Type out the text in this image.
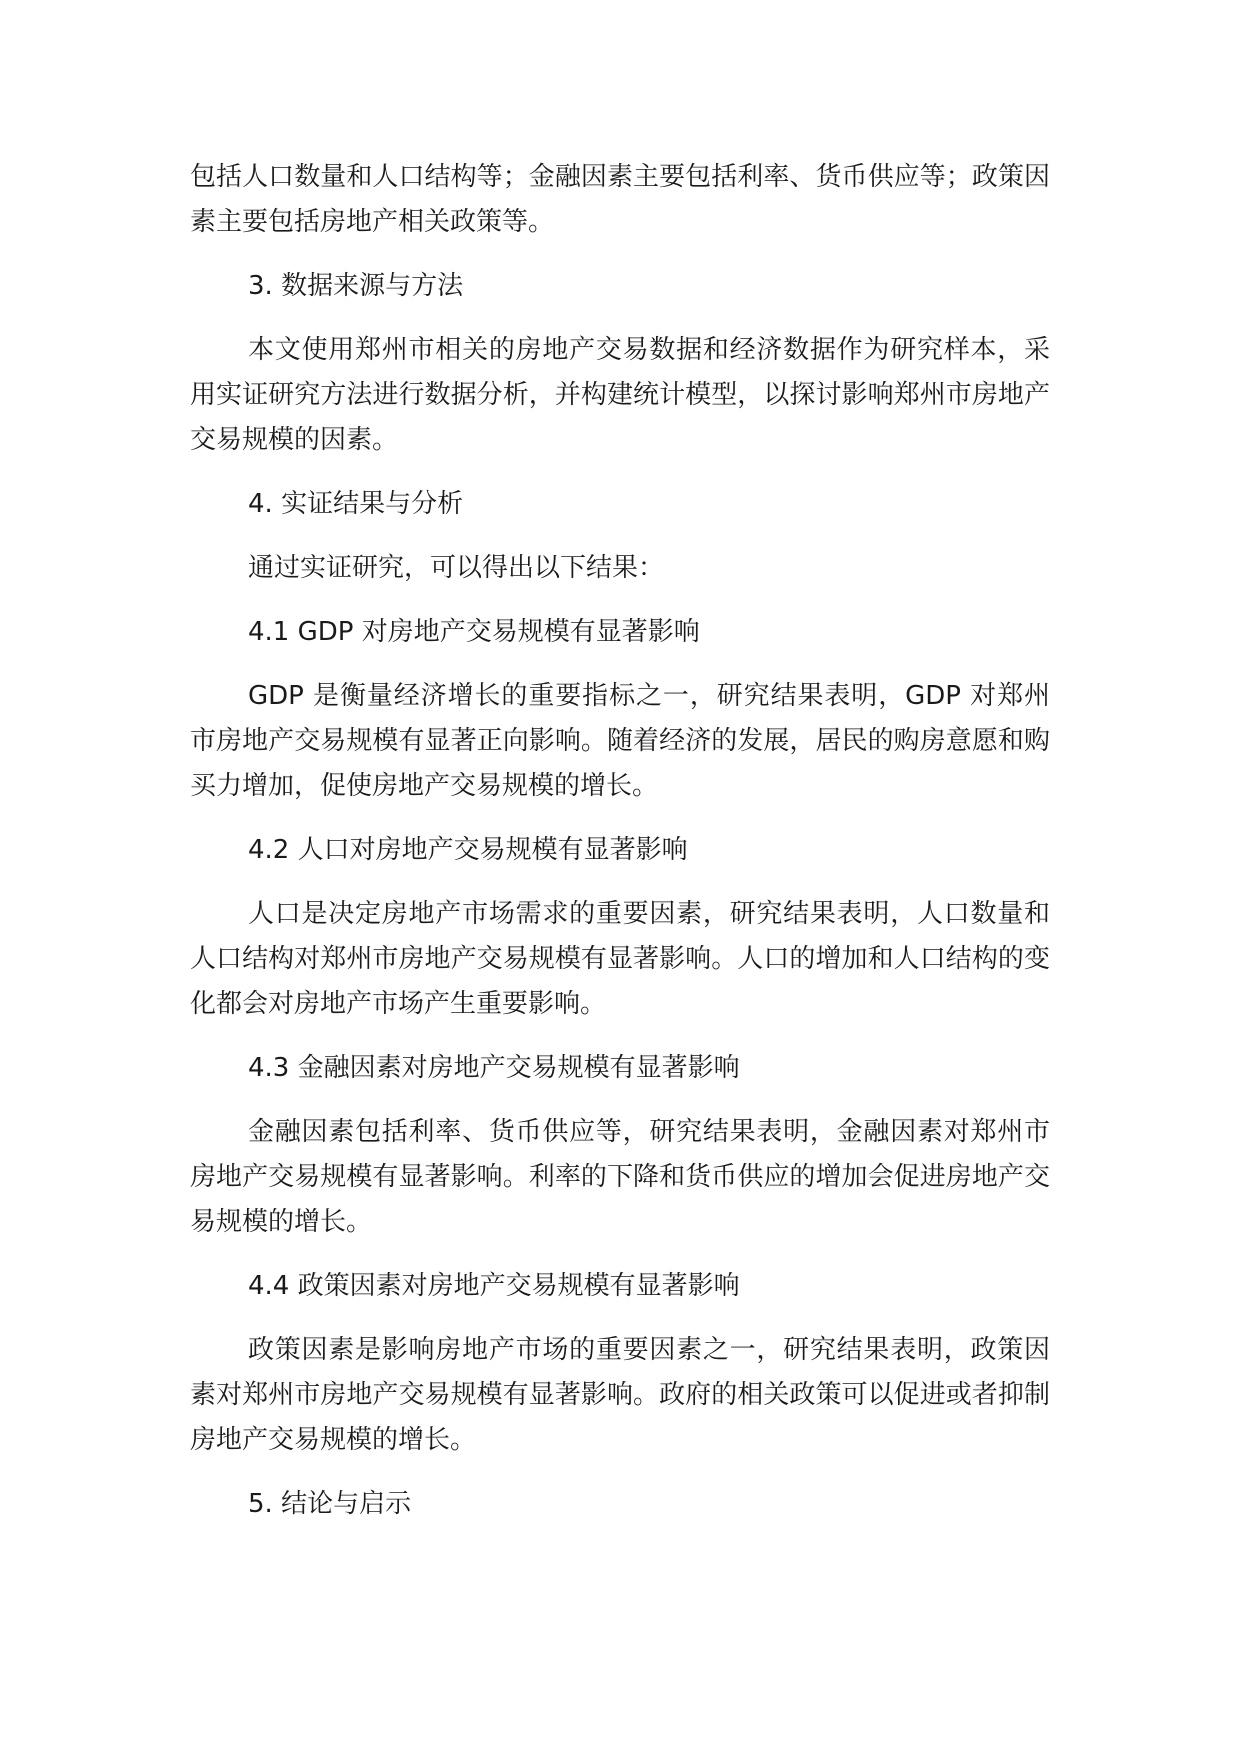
包括人口数量和人口结构等；金融因素主要包括利率、货币供应等；政策因素主要包括房地产相关政策等。

3. 数据来源与方法

本文使用郑州市相关的房地产交易数据和经济数据作为研究样本，采用实证研究方法进行数据分析，并构建统计模型，以探讨影响郑州市房地产交易规模的因素。

4. 实证结果与分析

通过实证研究，可以得出以下结果：

4.1 GDP 对房地产交易规模有显著影响

GDP 是衡量经济增长的重要指标之一，研究结果表明，GDP 对郑州市房地产交易规模有显著正向影响。随着经济的发展，居民的购房意愿和购买力增加，促使房地产交易规模的增长。

4.2 人口对房地产交易规模有显著影响

人口是决定房地产市场需求的重要因素，研究结果表明，人口数量和人口结构对郑州市房地产交易规模有显著影响。人口的增加和人口结构的变化都会对房地产市场产生重要影响。

4.3 金融因素对房地产交易规模有显著影响

金融因素包括利率、货币供应等，研究结果表明，金融因素对郑州市房地产交易规模有显著影响。利率的下降和货币供应的增加会促进房地产交易规模的增长。

4.4 政策因素对房地产交易规模有显著影响

政策因素是影响房地产市场的重要因素之一，研究结果表明，政策因素对郑州市房地产交易规模有显著影响。政府的相关政策可以促进或者抑制房地产交易规模的增长。

5. 结论与启示
